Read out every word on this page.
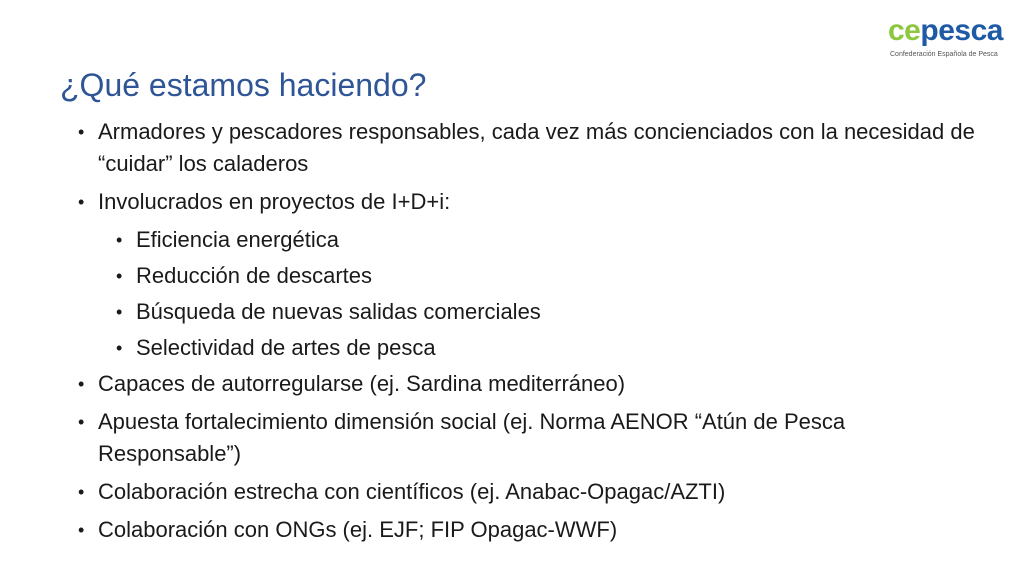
cepesca
Confederación Española de Pesca
¿Qué estamos haciendo?
• Armadores y pescadores responsables, cada vez más concienciados con la necesidad de “cuidar” los caladeros
• Involucrados en proyectos de I+D+i:
• Eficiencia energética
• Reducción de descartes
• Búsqueda de nuevas salidas comerciales
• Selectividad de artes de pesca
• Capaces de autorregularse (ej. Sardina mediterráneo)
• Apuesta fortalecimiento dimensión social (ej. Norma AENOR “Atún de Pesca Responsable”)
• Colaboración estrecha con científicos (ej. Anabac-Opagac/AZTI)
• Colaboración con ONGs (ej. EJF; FIP Opagac-WWF)
